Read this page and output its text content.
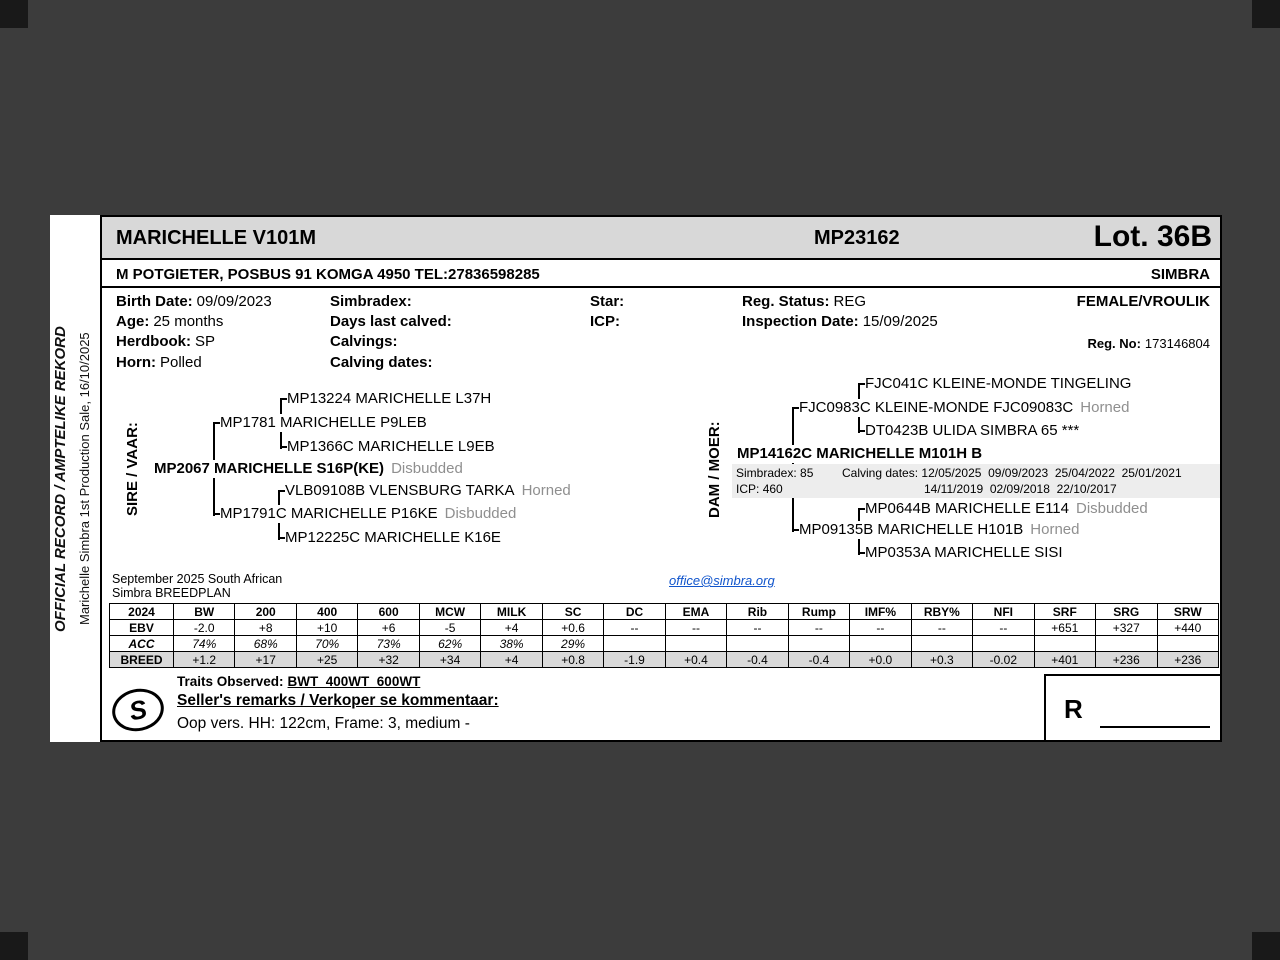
OFFICIAL RECORD / AMPTELIKE REKORD Marichelle Simbra 1st Production Sale, 16/10/2025
MARICHELLE V101M	MP23162	Lot. 36B
M POTGIETER, POSBUS 91 KOMGA 4950 TEL:27836598285	SIMBRA
Birth Date: 09/09/2023	Simbradex:	Star:	Reg. Status: REG	FEMALE/VROULIK
Age: 25 months	Days last calved:	ICP:	Inspection Date: 15/09/2025
Herdbook: SP	Calvings:	Reg. No: 173146804
Horn: Polled	Calving dates:
SIRE / VAAR:	DAM / MOER:
MP13224 MARICHELLE L37H
MP1781 MARICHELLE P9LEB
MP1366C MARICHELLE L9EB
MP2067 MARICHELLE S16P(KE) Disbudded
VLB09108B VLENSBURG TARKA Horned
MP1791C MARICHELLE P16KE Disbudded
MP12225C MARICHELLE K16E
FJC041C KLEINE-MONDE TINGELING
FJC0983C KLEINE-MONDE FJC09083C Horned
DT0423B ULIDA SIMBRA 65 ***
MP14162C MARICHELLE M101H B
MP0644B MARICHELLE E114 Disbudded
MP09135B MARICHELLE H101B Horned
MP0353A MARICHELLE SISI
Simbradex: 85
ICP: 460
Calving dates: 12/05/2025  09/09/2023  25/04/2022  25/01/2021
14/11/2019  02/09/2018  22/10/2017
September 2025 South African
Simbra BREEDPLAN
office@simbra.org
2024	BW	200	400	600	MCW	MILK	SC	DC	EMA	Rib	Rump	IMF%	RBY%	NFI	SRF	SRG	SRW
EBV	-2.0	+8	+10	+6	-5	+4	+0.6	--	--	--	--	--	--	--	+651	+327	+440
ACC	74%	68%	70%	73%	62%	38%	29%										
BREED	+1.2	+17	+25	+32	+34	+4	+0.8	-1.9	+0.4	-0.4	-0.4	+0.0	+0.3	-0.02	+401	+236	+236
Traits Observed: BWT  400WT  600WT
Seller's remarks / Verkoper se kommentaar:
Oop vers. HH: 122cm, Frame: 3, medium -
S	R
